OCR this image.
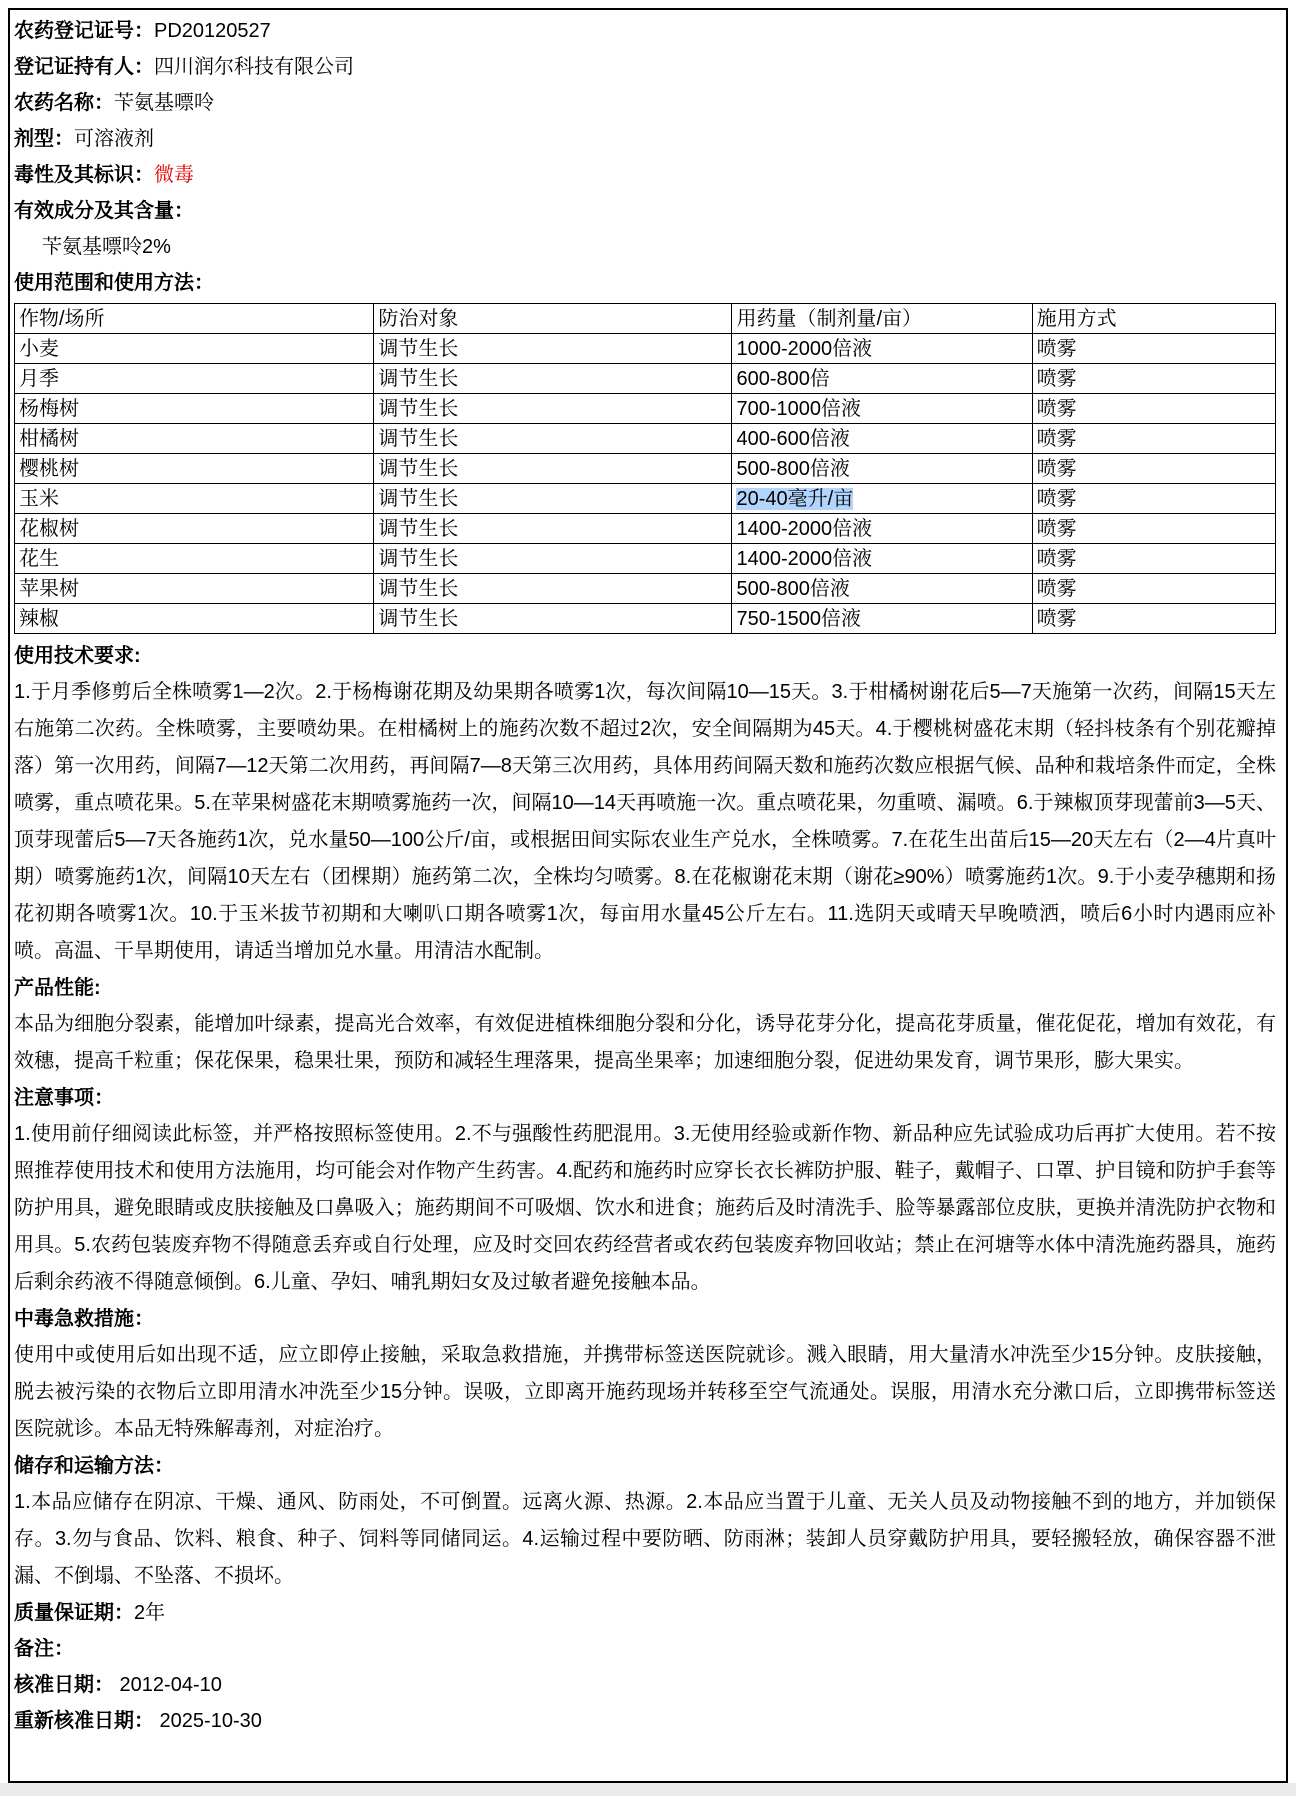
农药登记证号：PD20120527
登记证持有人：四川润尔科技有限公司
农药名称：苄氨基嘌呤
剂型：可溶液剂
毒性及其标识：微毒
有效成分及其含量：
苄氨基嘌呤2%
使用范围和使用方法：
作物/场所	防治对象	用药量（制剂量/亩）	施用方式
小麦	调节生长	1000-2000倍液	喷雾
月季	调节生长	600-800倍	喷雾
杨梅树	调节生长	700-1000倍液	喷雾
柑橘树	调节生长	400-600倍液	喷雾
樱桃树	调节生长	500-800倍液	喷雾
玉米	调节生长	20-40毫升/亩	喷雾
花椒树	调节生长	1400-2000倍液	喷雾
花生	调节生长	1400-2000倍液	喷雾
苹果树	调节生长	500-800倍液	喷雾
辣椒	调节生长	750-1500倍液	喷雾
使用技术要求:
1.于月季修剪后全株喷雾1—2次。2.于杨梅谢花期及幼果期各喷雾1次，每次间隔10—15天。3.于柑橘树谢花后5—7天施第一次药，间隔15天左右施第二次药。全株喷雾，主要喷幼果。在柑橘树上的施药次数不超过2次，安全间隔期为45天。4.于樱桃树盛花末期（轻抖枝条有个别花瓣掉落）第一次用药，间隔7—12天第二次用药，再间隔7—8天第三次用药，具体用药间隔天数和施药次数应根据气候、品种和栽培条件而定，全株喷雾，重点喷花果。5.在苹果树盛花末期喷雾施药一次，间隔10—14天再喷施一次。重点喷花果，勿重喷、漏喷。6.于辣椒顶芽现蕾前3—5天、顶芽现蕾后5—7天各施药1次，兑水量50—100公斤/亩，或根据田间实际农业生产兑水，全株喷雾。7.在花生出苗后15—20天左右（2—4片真叶期）喷雾施药1次，间隔10天左右（团棵期）施药第二次，全株均匀喷雾。8.在花椒谢花末期（谢花≥90%）喷雾施药1次。9.于小麦孕穗期和扬花初期各喷雾1次。10.于玉米拔节初期和大喇叭口期各喷雾1次，每亩用水量45公斤左右。11.选阴天或晴天早晚喷洒，喷后6小时内遇雨应补喷。高温、干旱期使用，请适当增加兑水量。用清洁水配制。
产品性能:
本品为细胞分裂素，能增加叶绿素，提高光合效率，有效促进植株细胞分裂和分化，诱导花芽分化，提高花芽质量，催花促花，增加有效花，有效穗，提高千粒重；保花保果，稳果壮果，预防和减轻生理落果，提高坐果率；加速细胞分裂，促进幼果发育，调节果形，膨大果实。
注意事项：
1.使用前仔细阅读此标签，并严格按照标签使用。2.不与强酸性药肥混用。3.无使用经验或新作物、新品种应先试验成功后再扩大使用。若不按照推荐使用技术和使用方法施用，均可能会对作物产生药害。4.配药和施药时应穿长衣长裤防护服、鞋子，戴帽子、口罩、护目镜和防护手套等防护用具，避免眼睛或皮肤接触及口鼻吸入；施药期间不可吸烟、饮水和进食；施药后及时清洗手、脸等暴露部位皮肤，更换并清洗防护衣物和用具。5.农药包装废弃物不得随意丢弃或自行处理，应及时交回农药经营者或农药包装废弃物回收站；禁止在河塘等水体中清洗施药器具，施药后剩余药液不得随意倾倒。6.儿童、孕妇、哺乳期妇女及过敏者避免接触本品。
中毒急救措施：
使用中或使用后如出现不适，应立即停止接触，采取急救措施，并携带标签送医院就诊。溅入眼睛，用大量清水冲洗至少15分钟。皮肤接触，脱去被污染的衣物后立即用清水冲洗至少15分钟。误吸，立即离开施药现场并转移至空气流通处。误服，用清水充分漱口后，立即携带标签送医院就诊。本品无特殊解毒剂，对症治疗。
储存和运输方法：
1.本品应储存在阴凉、干燥、通风、防雨处，不可倒置。远离火源、热源。2.本品应当置于儿童、无关人员及动物接触不到的地方，并加锁保存。3.勿与食品、饮料、粮食、种子、饲料等同储同运。4.运输过程中要防晒、防雨淋；装卸人员穿戴防护用具，要轻搬轻放，确保容器不泄漏、不倒塌、不坠落、不损坏。
质量保证期：2年
备注：
核准日期： 2012-04-10
重新核准日期： 2025-10-30
